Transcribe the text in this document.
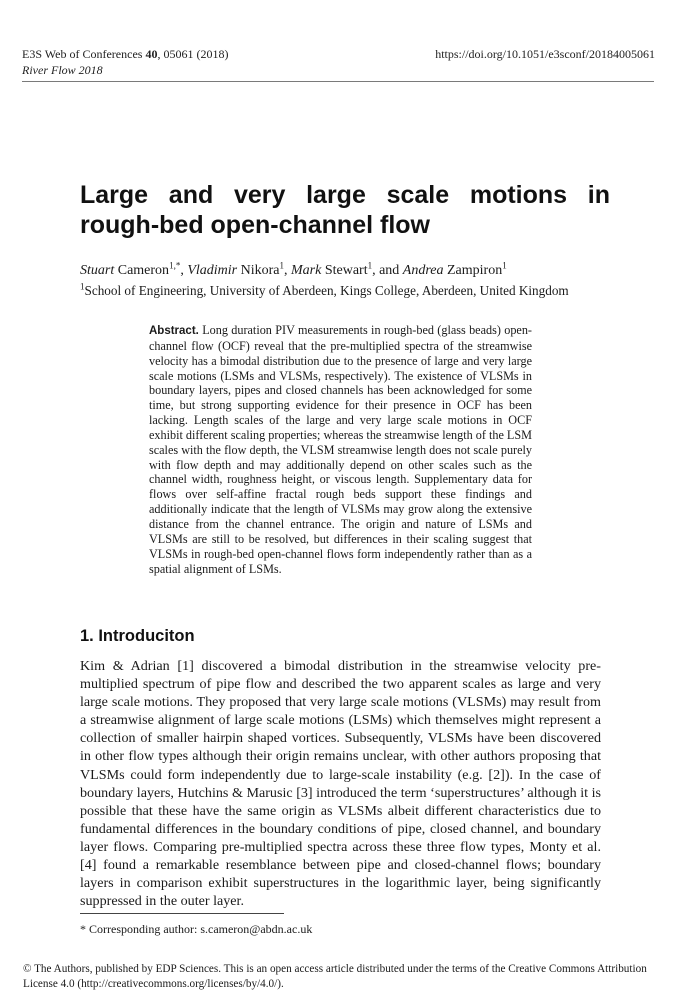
E3S Web of Conferences 40, 05061 (2018)
River Flow 2018
https://doi.org/10.1051/e3sconf/20184005061
Large and very large scale motions in rough-bed open-channel flow
Stuart Cameron$^{1,*}$, Vladimir Nikora$^1$, Mark Stewart$^1$, and Andrea Zampiron$^1$
$^1$School of Engineering, University of Aberdeen, Kings College, Aberdeen, United Kingdom
Abstract. Long duration PIV measurements in rough-bed (glass beads) open-channel flow (OCF) reveal that the pre-multiplied spectra of the streamwise velocity has a bimodal distribution due to the presence of large and very large scale motions (LSMs and VLSMs, respectively). The existence of VLSMs in boundary layers, pipes and closed channels has been acknowledged for some time, but strong supporting evidence for their presence in OCF has been lacking. Length scales of the large and very large scale motions in OCF exhibit different scaling properties; whereas the streamwise length of the LSM scales with the flow depth, the VLSM streamwise length does not scale purely with flow depth and may additionally depend on other scales such as the channel width, roughness height, or viscous length. Supplementary data for flows over self-affine fractal rough beds support these findings and additionally indicate that the length of VLSMs may grow along the extensive distance from the channel entrance. The origin and nature of LSMs and VLSMs are still to be resolved, but differences in their scaling suggest that VLSMs in rough-bed open-channel flows form independently rather than as a spatial alignment of LSMs.
1. Introduciton
Kim & Adrian [1] discovered a bimodal distribution in the streamwise velocity pre-multiplied spectrum of pipe flow and described the two apparent scales as large and very large scale motions. They proposed that very large scale motions (VLSMs) may result from a streamwise alignment of large scale motions (LSMs) which themselves might represent a collection of smaller hairpin shaped vortices. Subsequently, VLSMs have been discovered in other flow types although their origin remains unclear, with other authors proposing that VLSMs could form independently due to large-scale instability (e.g. [2]). In the case of boundary layers, Hutchins & Marusic [3] introduced the term ‘superstructures’ although it is possible that these have the same origin as VLSMs albeit different characteristics due to fundamental differences in the boundary conditions of pipe, closed channel, and boundary layer flows. Comparing pre-multiplied spectra across these three flow types, Monty et al. [4] found a remarkable resemblance between pipe and closed-channel flows; boundary layers in comparison exhibit superstructures in the logarithmic layer, being significantly suppressed in the outer layer.
* Corresponding author: s.cameron@abdn.ac.uk
© The Authors, published by EDP Sciences. This is an open access article distributed under the terms of the Creative Commons Attribution License 4.0 (http://creativecommons.org/licenses/by/4.0/).
